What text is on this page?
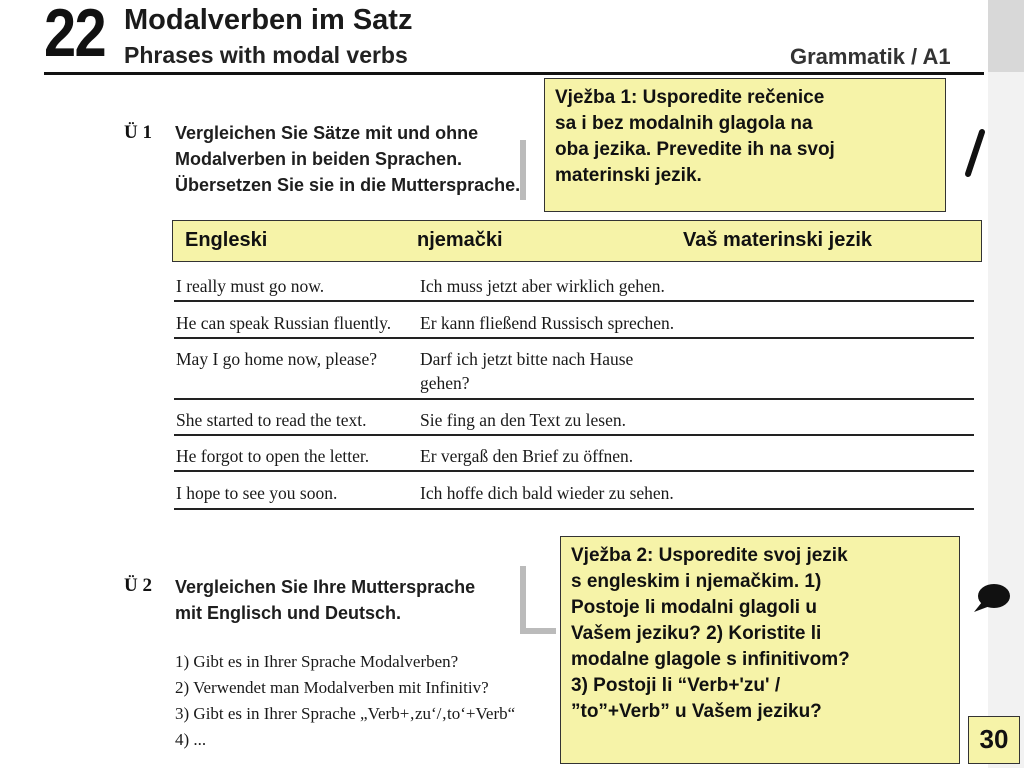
22 Modalverben im Satz
Phrases with modal verbs	Grammatik / A1
Ü 1 Vergleichen Sie Sätze mit und ohne
Modalverben in beiden Sprachen.
Übersetzen Sie sie in die Muttersprache.
Vježba 1: Usporedite rečenice
sa i bez modalnih glagola na
oba jezika. Prevedite ih na svoj
materinski jezik.
Engleski	njemački	Vaš materinski jezik
I really must go now.	Ich muss jetzt aber wirklich gehen.
He can speak Russian fluently. Er kann fließend Russisch sprechen.
May I go home now, please? Darf ich jetzt bitte nach Hause
gehen?
She started to read the text.	Sie fing an den Text zu lesen.
He forgot to open the letter.	Er vergaß den Brief zu öffnen.
I hope to see you soon.	Ich hoffe dich bald wieder zu sehen.
Ü 2 Vergleichen Sie Ihre Muttersprache
mit Englisch und Deutsch.
1) Gibt es in Ihrer Sprache Modalverben?
2) Verwendet man Modalverben mit Infinitiv?
3) Gibt es in Ihrer Sprache „Verb+‚zu‘/‚to‘+Verb“
4) ...
Vježba 2: Usporedite svoj jezik
s engleskim i njemačkim. 1)
Postoje li modalni glagoli u
Vašem jeziku? 2) Koristite li
modalne glagole s infinitivom?
3) Postoji li “Verb+'zu' /
”to”+Verb” u Vašem jeziku?
30
